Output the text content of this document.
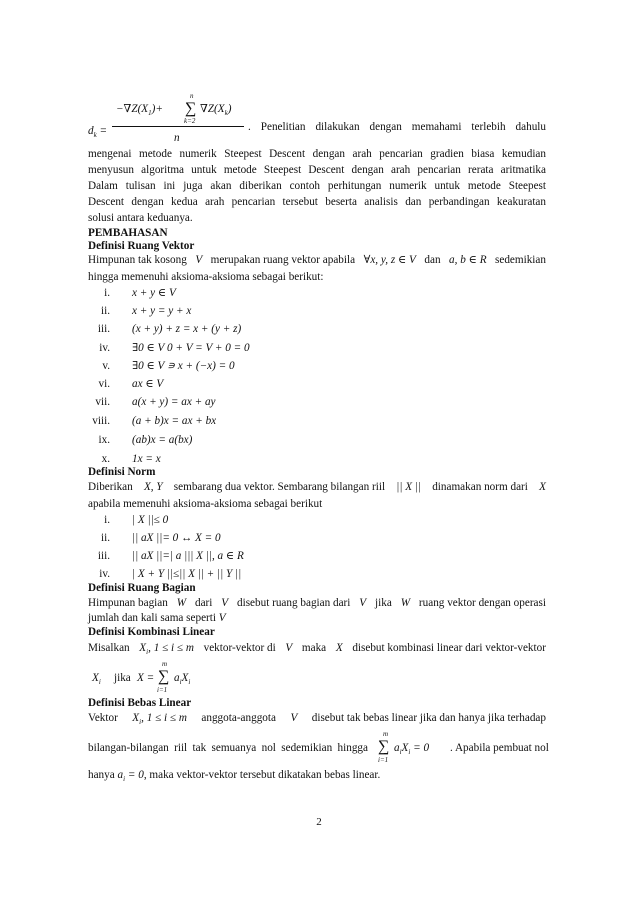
$d_k$ =
$-\nabla Z(X_1)+$
n
∑
k=2
$\nabla Z(X_k)$
n
. Penelitian dilakukan dengan memahami terlebih dahulu
mengenai metode numerik Steepest Descent dengan arah pencarian gradien biasa kemudian
menyusun algoritma untuk metode Steepest Descent dengan arah pencarian rerata aritmatika
Dalam tulisan ini juga akan diberikan contoh perhitungan numerik untuk metode Steepest
Descent dengan kedua arah pencarian tersebut beserta analisis dan perbandingan keakuratan
solusi antara keduanya.
PEMBAHASAN
Definisi Ruang Vektor
Himpunan tak kosong V merupakan ruang vektor apabila ∀x, y, z ∈ V dan a, b ∈ R sedemikian
hingga memenuhi aksioma-aksioma sebagai berikut:
i. x + y ∈ V
ii. x + y = y + x
iii. (x + y) + z = x + (y + z)
iv. ∃0 ∈ V 0 + V = V + 0 = 0
v. ∃0 ∈ V ∍ x + (−x) = 0
vi. ax ∈ V
vii. a(x + y) = ax + ay
viii. (a + b)x = ax + bx
ix. (ab)x = a(bx)
x. 1x = x
Definisi Norm
Diberikan X, Y sembarang dua vektor. Sembarang bilangan riil || X || dinamakan norm dari X
apabila memenuhi aksioma-aksioma sebagai berikut
i. | X ||≤ 0
ii. || aX ||= 0 ↔ X = 0
iii. || aX ||=| a ||| X ||, a ∈ R
iv. | X + Y ||≤|| X || + || Y ||
Definisi Ruang Bagian
Himpunan bagian W dari V disebut ruang bagian dari V jika W ruang vektor dengan operasi
jumlah dan kali sama seperti V
Definisi Kombinasi Linear
Misalkan $X_i$, 1 ≤ i ≤ m vektor-vektor di V maka X disebut kombinasi linear dari vektor-vektor
$X_i$ jika X =
m
∑
i=1
$a_iX_i$
Definisi Bebas Linear
Vektor $X_i$, 1 ≤ i ≤ m anggota-anggota V disebut tak bebas linear jika dan hanya jika terhadap
bilangan-bilangan riil tak semuanya nol sedemikian hingga
m
∑
i=1
$a_iX_i = 0$ . Apabila pembuat nol
hanya $a_i = 0$, maka vektor-vektor tersebut dikatakan bebas linear.
2
